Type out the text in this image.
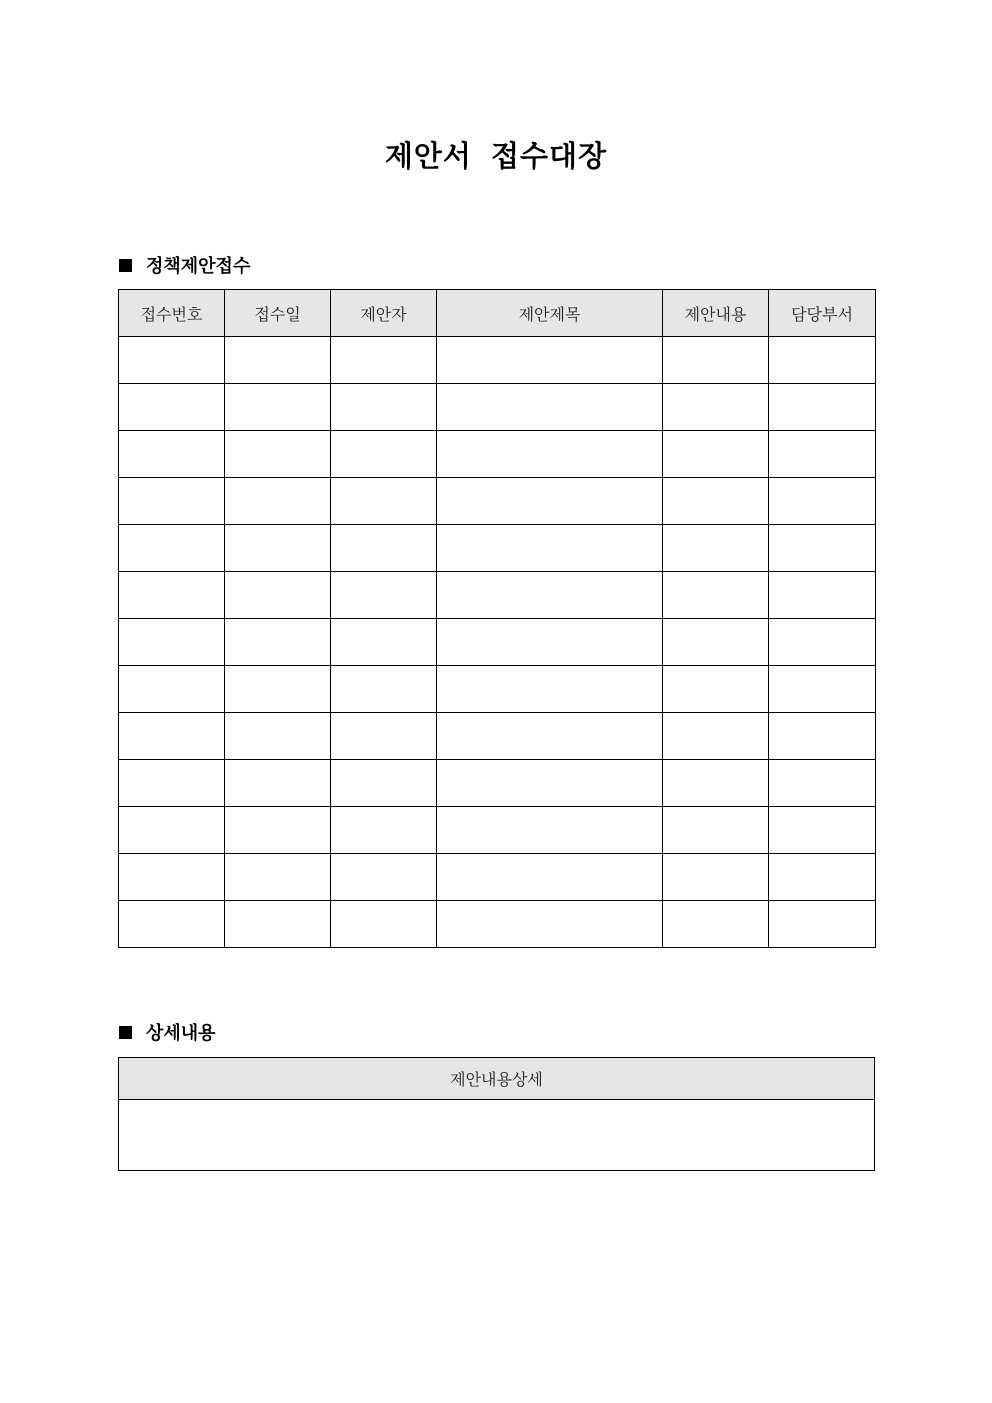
제안서 접수대장
정책제안접수
접수번호	접수일	제안자	제안제목	제안내용	담당부서

상세내용
제안내용상세
